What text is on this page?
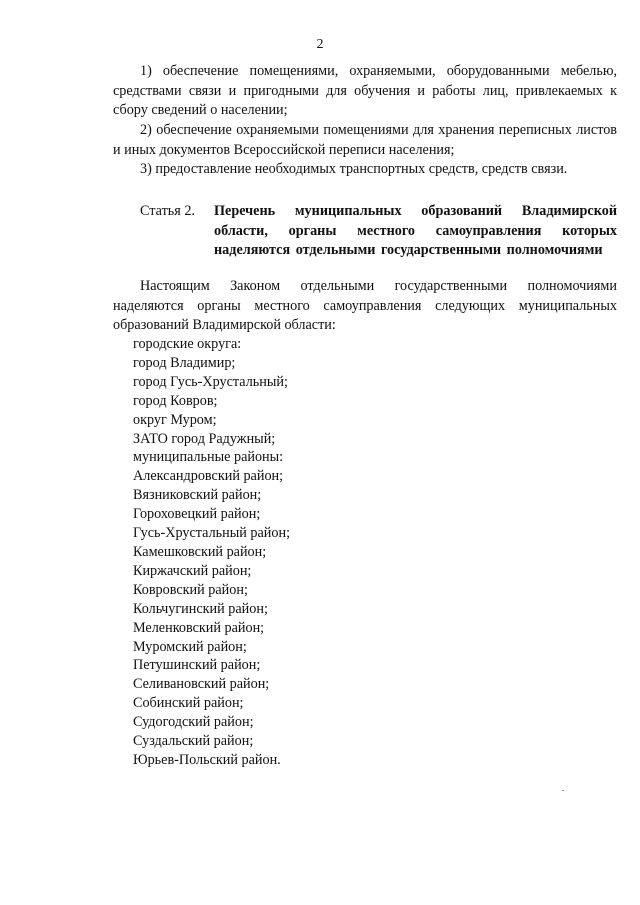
2
1) обеспечение помещениями, охраняемыми, оборудованными мебелью, средствами связи и пригодными для обучения и работы лиц, привлекаемых к сбору сведений о населении;
2) обеспечение охраняемыми помещениями для хранения переписных листов и иных документов Всероссийской переписи населения;
3) предоставление необходимых транспортных средств, средств связи.
Статья 2. Перечень муниципальных образований Владимирской области, органы местного самоуправления которых наделяются отдельными государственными полномочиями
Настоящим Законом отдельными государственными полномочиями наделяются органы местного самоуправления следующих муниципальных образований Владимирской области:
городские округа:
город Владимир;
город Гусь-Хрустальный;
город Ковров;
округ Муром;
ЗАТО город Радужный;
муниципальные районы:
Александровский район;
Вязниковский район;
Гороховецкий район;
Гусь-Хрустальный район;
Камешковский район;
Киржачский район;
Ковровский район;
Кольчугинский район;
Меленковский район;
Муромский район;
Петушинский район;
Селивановский район;
Собинский район;
Судогодский район;
Суздальский район;
Юрьев-Польский район.
